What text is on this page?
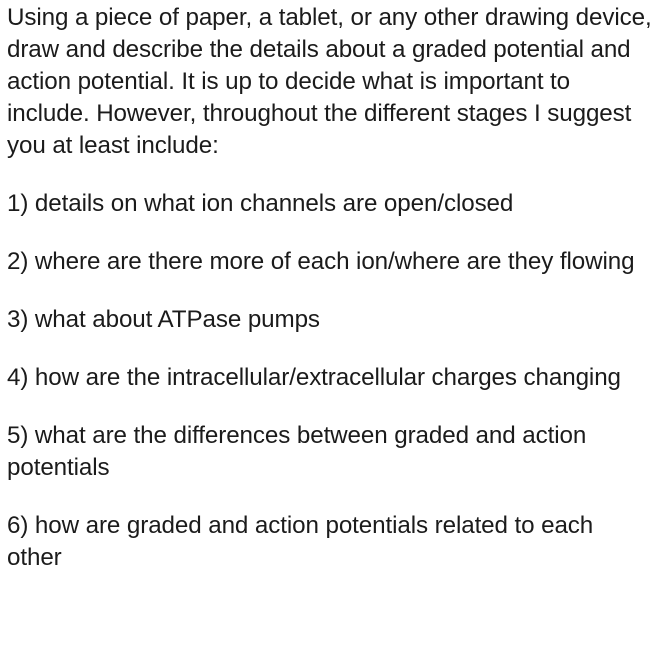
Using a piece of paper, a tablet, or any other drawing device, draw and describe the details about a graded potential and action potential. It is up to decide what is important to include. However, throughout the different stages I suggest you at least include:

1) details on what ion channels are open/closed

2) where are there more of each ion/where are they flowing

3) what about ATPase pumps

4) how are the intracellular/extracellular charges changing

5) what are the differences between graded and action potentials

6) how are graded and action potentials related to each other
